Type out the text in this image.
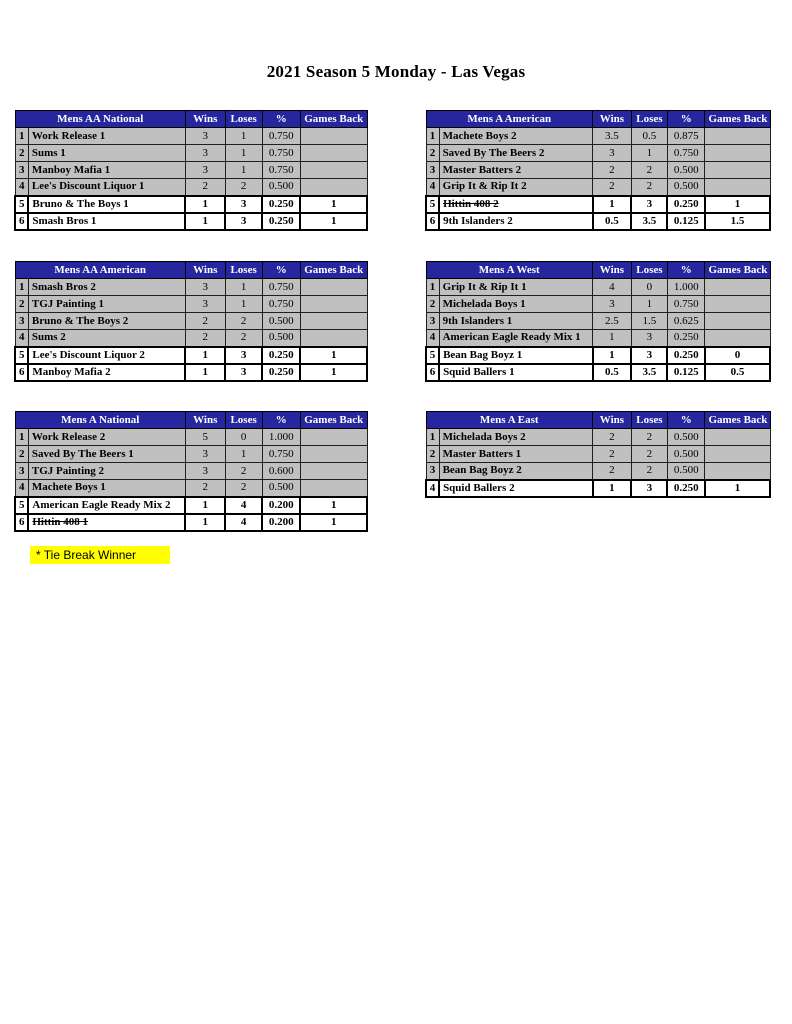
2021 Season 5 Monday - Las Vegas
Mens AA National		Wins	Loses	%	Games Back
1	Work Release 1	3	1	0.750	
2	Sums 1	3	1	0.750	
3	Manboy Mafia 1	3	1	0.750	
4	Lee's Discount Liquor 1	2	2	0.500	
5	Bruno & The Boys 1	1	3	0.250	1
6	Smash Bros 1	1	3	0.250	1
Mens A American		Wins	Loses	%	Games Back
1	Machete Boys 2	3.5	0.5	0.875	
2	Saved By The Beers 2	3	1	0.750	
3	Master Batters 2	2	2	0.500	
4	Grip It & Rip It 2	2	2	0.500	
5	Hittin 408 2	1	3	0.250	1
6	9th Islanders 2	0.5	3.5	0.125	1.5
Mens AA American		Wins	Loses	%	Games Back
1	Smash Bros 2	3	1	0.750	
2	TGJ Painting 1	3	1	0.750	
3	Bruno & The Boys 2	2	2	0.500	
4	Sums 2	2	2	0.500	
5	Lee's Discount Liquor 2	1	3	0.250	1
6	Manboy Mafia 2	1	3	0.250	1
Mens A West		Wins	Loses	%	Games Back
1	Grip It & Rip It 1	4	0	1.000	
2	Michelada Boys 1	3	1	0.750	
3	9th Islanders 1	2.5	1.5	0.625	
4	American Eagle Ready Mix 1	1	3	0.250	
5	Bean Bag Boyz 1	1	3	0.250	0
6	Squid Ballers 1	0.5	3.5	0.125	0.5
Mens A National		Wins	Loses	%	Games Back
1	Work Release 2	5	0	1.000	
2	Saved By The Beers 1	3	1	0.750	
3	TGJ Painting 2	3	2	0.600	
4	Machete Boys 1	2	2	0.500	
5	American Eagle Ready Mix 2	1	4	0.200	1
6	Hittin 408 1	1	4	0.200	1
Mens A East		Wins	Loses	%	Games Back
1	Michelada Boys 2	2	2	0.500	
2	Master Batters 1	2	2	0.500	
3	Bean Bag Boyz 2	2	2	0.500	
4	Squid Ballers 2	1	3	0.250	1
* Tie Break Winner
